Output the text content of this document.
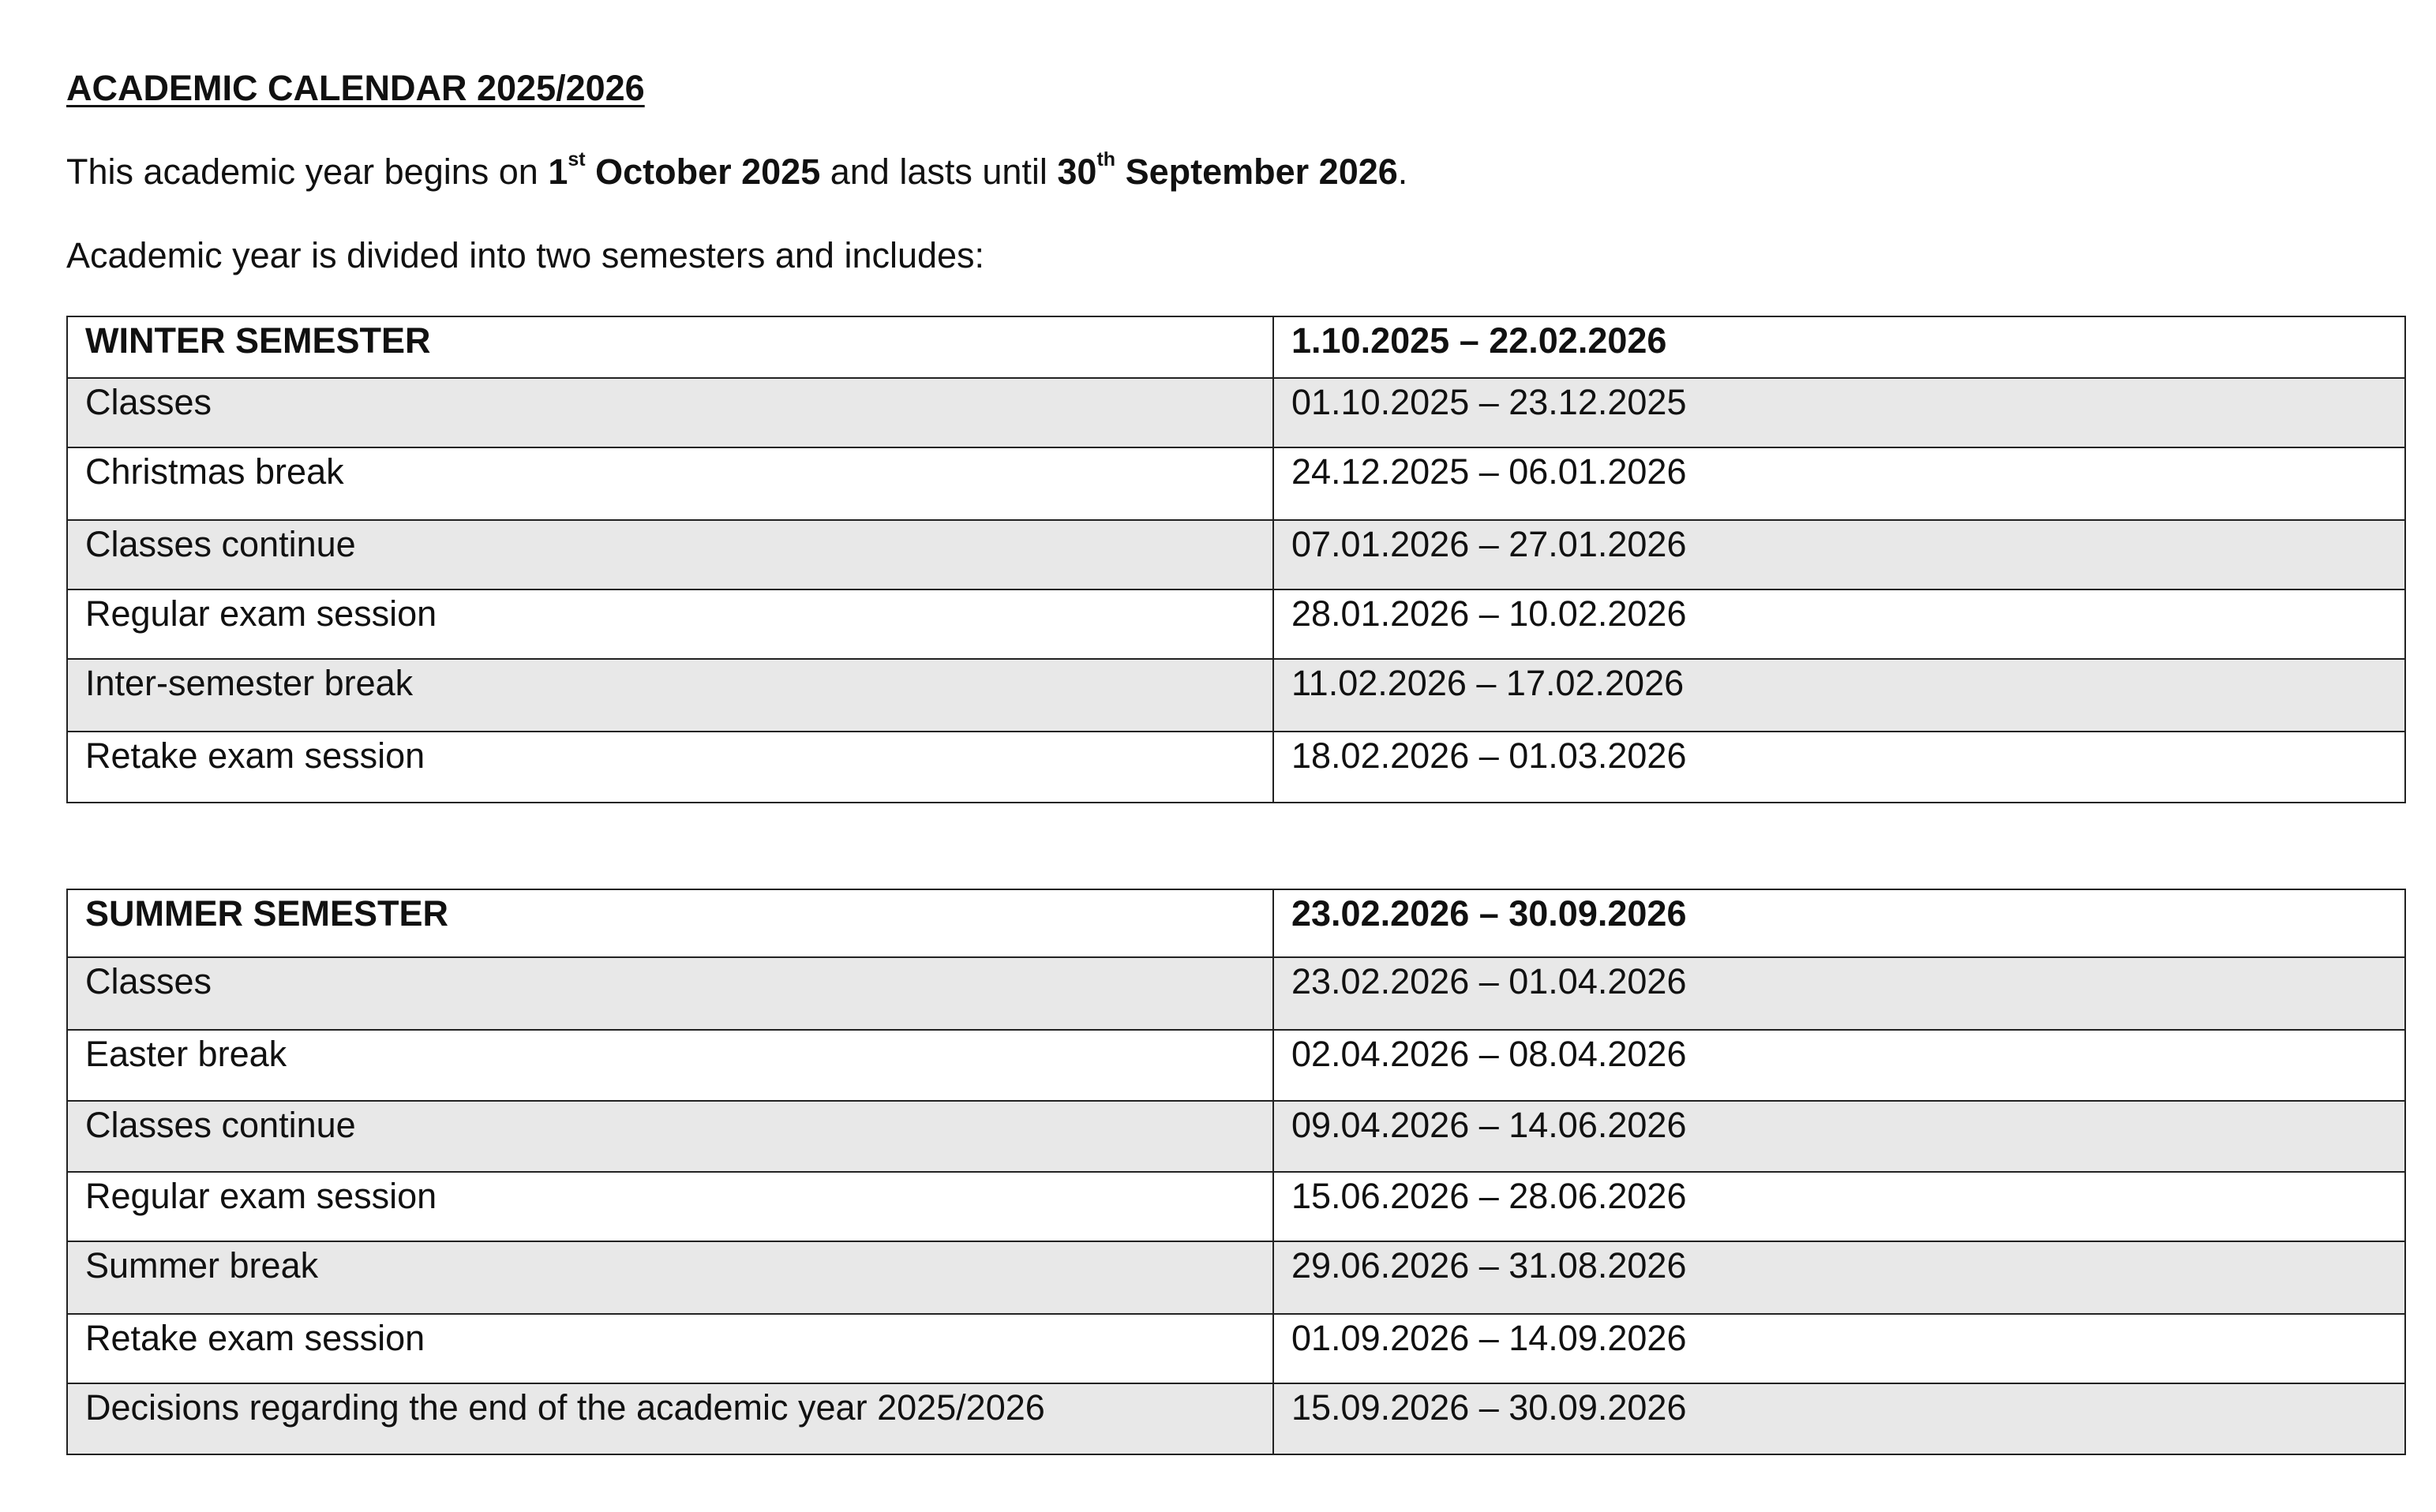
ACADEMIC CALENDAR 2025/2026
This academic year begins on 1st October 2025 and lasts until 30th September 2026.
Academic year is divided into two semesters and includes:
WINTER SEMESTER	1.10.2025 – 22.02.2026
Classes	01.10.2025 – 23.12.2025
Christmas break	24.12.2025 – 06.01.2026
Classes continue	07.01.2026 – 27.01.2026
Regular exam session	28.01.2026 – 10.02.2026
Inter-semester break	11.02.2026 – 17.02.2026
Retake exam session	18.02.2026 – 01.03.2026
SUMMER SEMESTER	23.02.2026 – 30.09.2026
Classes	23.02.2026 – 01.04.2026
Easter break	02.04.2026 – 08.04.2026
Classes continue	09.04.2026 – 14.06.2026
Regular exam session	15.06.2026 – 28.06.2026
Summer break	29.06.2026 – 31.08.2026
Retake exam session	01.09.2026 – 14.09.2026
Decisions regarding the end of the academic year 2025/2026	15.09.2026 – 30.09.2026
